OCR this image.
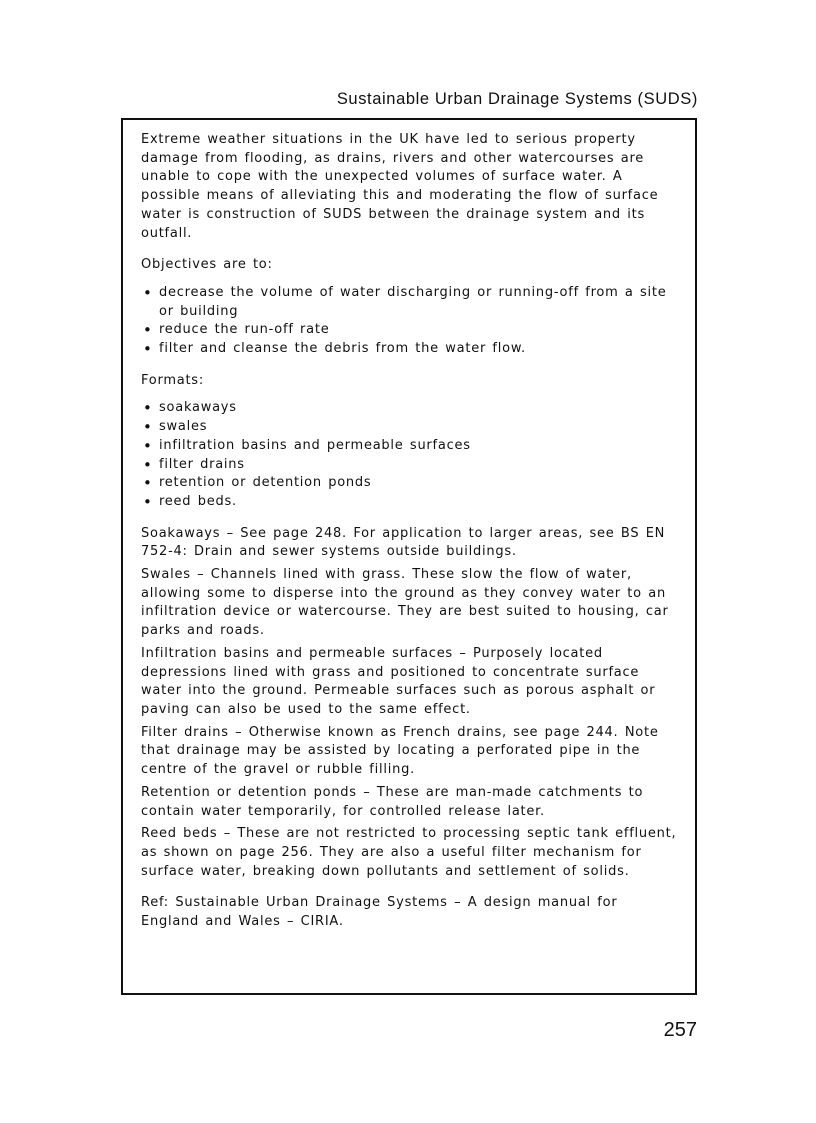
Sustainable Urban Drainage Systems (SUDS)

Extreme weather situations in the UK have led to serious property damage from flooding, as drains, rivers and other watercourses are unable to cope with the unexpected volumes of surface water. A possible means of alleviating this and moderating the flow of surface water is construction of SUDS between the drainage system and its outfall.

Objectives are to:

• decrease the volume of water discharging or running-off from a site or building
• reduce the run-off rate
• filter and cleanse the debris from the water flow.

Formats:

• soakaways
• swales
• infiltration basins and permeable surfaces
• filter drains
• retention or detention ponds
• reed beds.

Soakaways – See page 248. For application to larger areas, see BS EN 752-4: Drain and sewer systems outside buildings.

Swales – Channels lined with grass. These slow the flow of water, allowing some to disperse into the ground as they convey water to an infiltration device or watercourse. They are best suited to housing, car parks and roads.

Infiltration basins and permeable surfaces – Purposely located depressions lined with grass and positioned to concentrate surface water into the ground. Permeable surfaces such as porous asphalt or paving can also be used to the same effect.

Filter drains – Otherwise known as French drains, see page 244. Note that drainage may be assisted by locating a perforated pipe in the centre of the gravel or rubble filling.

Retention or detention ponds – These are man-made catchments to contain water temporarily, for controlled release later.

Reed beds – These are not restricted to processing septic tank effluent, as shown on page 256. They are also a useful filter mechanism for surface water, breaking down pollutants and settlement of solids.

Ref: Sustainable Urban Drainage Systems – A design manual for England and Wales – CIRIA.

257
